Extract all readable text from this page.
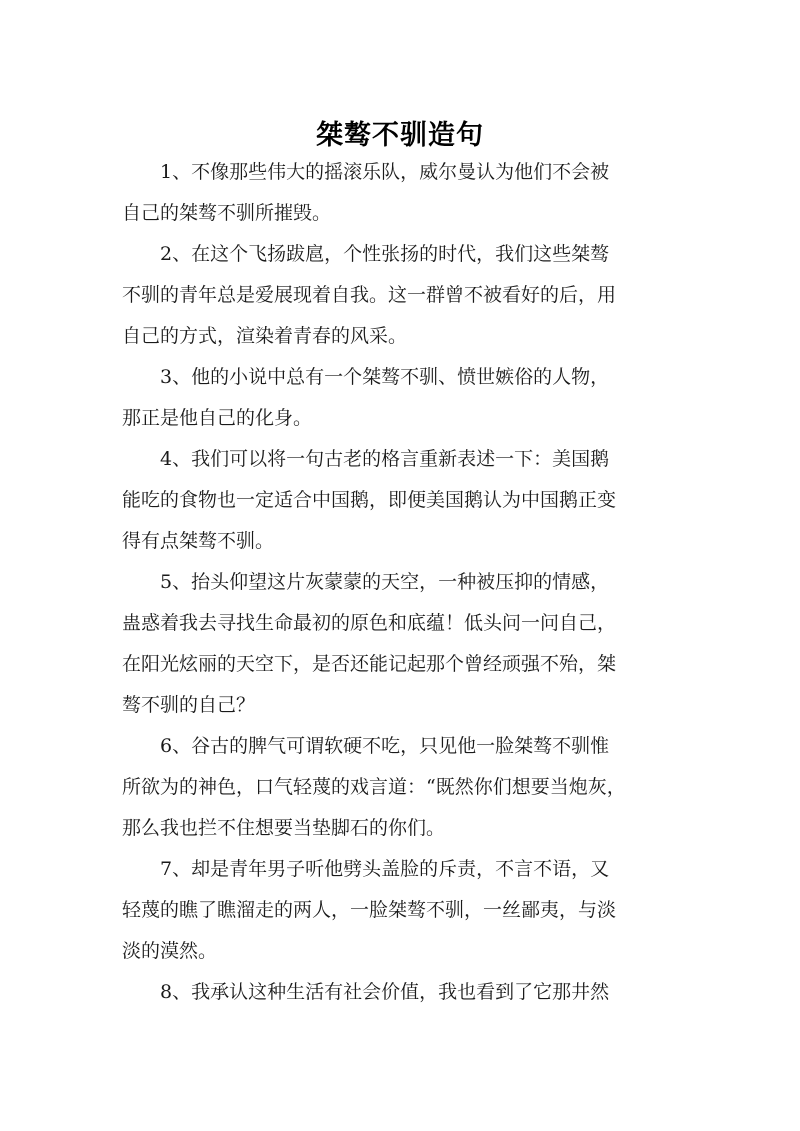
桀骜不驯造句

1、不像那些伟大的摇滚乐队，威尔曼认为他们不会被
自己的桀骜不驯所摧毁。

2、在这个飞扬跋扈，个性张扬的时代，我们这些桀骜
不驯的青年总是爱展现着自我。这一群曾不被看好的后，用
自己的方式，渲染着青春的风采。

3、他的小说中总有一个桀骜不驯、愤世嫉俗的人物，
那正是他自己的化身。

4、我们可以将一句古老的格言重新表述一下：美国鹅
能吃的食物也一定适合中国鹅，即便美国鹅认为中国鹅正变
得有点桀骜不驯。

5、抬头仰望这片灰蒙蒙的天空，一种被压抑的情感，
蛊惑着我去寻找生命最初的原色和底蕴！低头问一问自己，
在阳光炫丽的天空下，是否还能记起那个曾经顽强不殆，桀
骜不驯的自己？

6、谷古的脾气可谓软硬不吃，只见他一脸桀骜不驯惟
所欲为的神色，口气轻蔑的戏言道：“既然你们想要当炮灰，
那么我也拦不住想要当垫脚石的你们。

7、却是青年男子听他劈头盖脸的斥责，不言不语，又
轻蔑的瞧了瞧溜走的两人，一脸桀骜不驯，一丝鄙夷，与淡
淡的漠然。

8、我承认这种生活有社会价值，我也看到了它那井然
